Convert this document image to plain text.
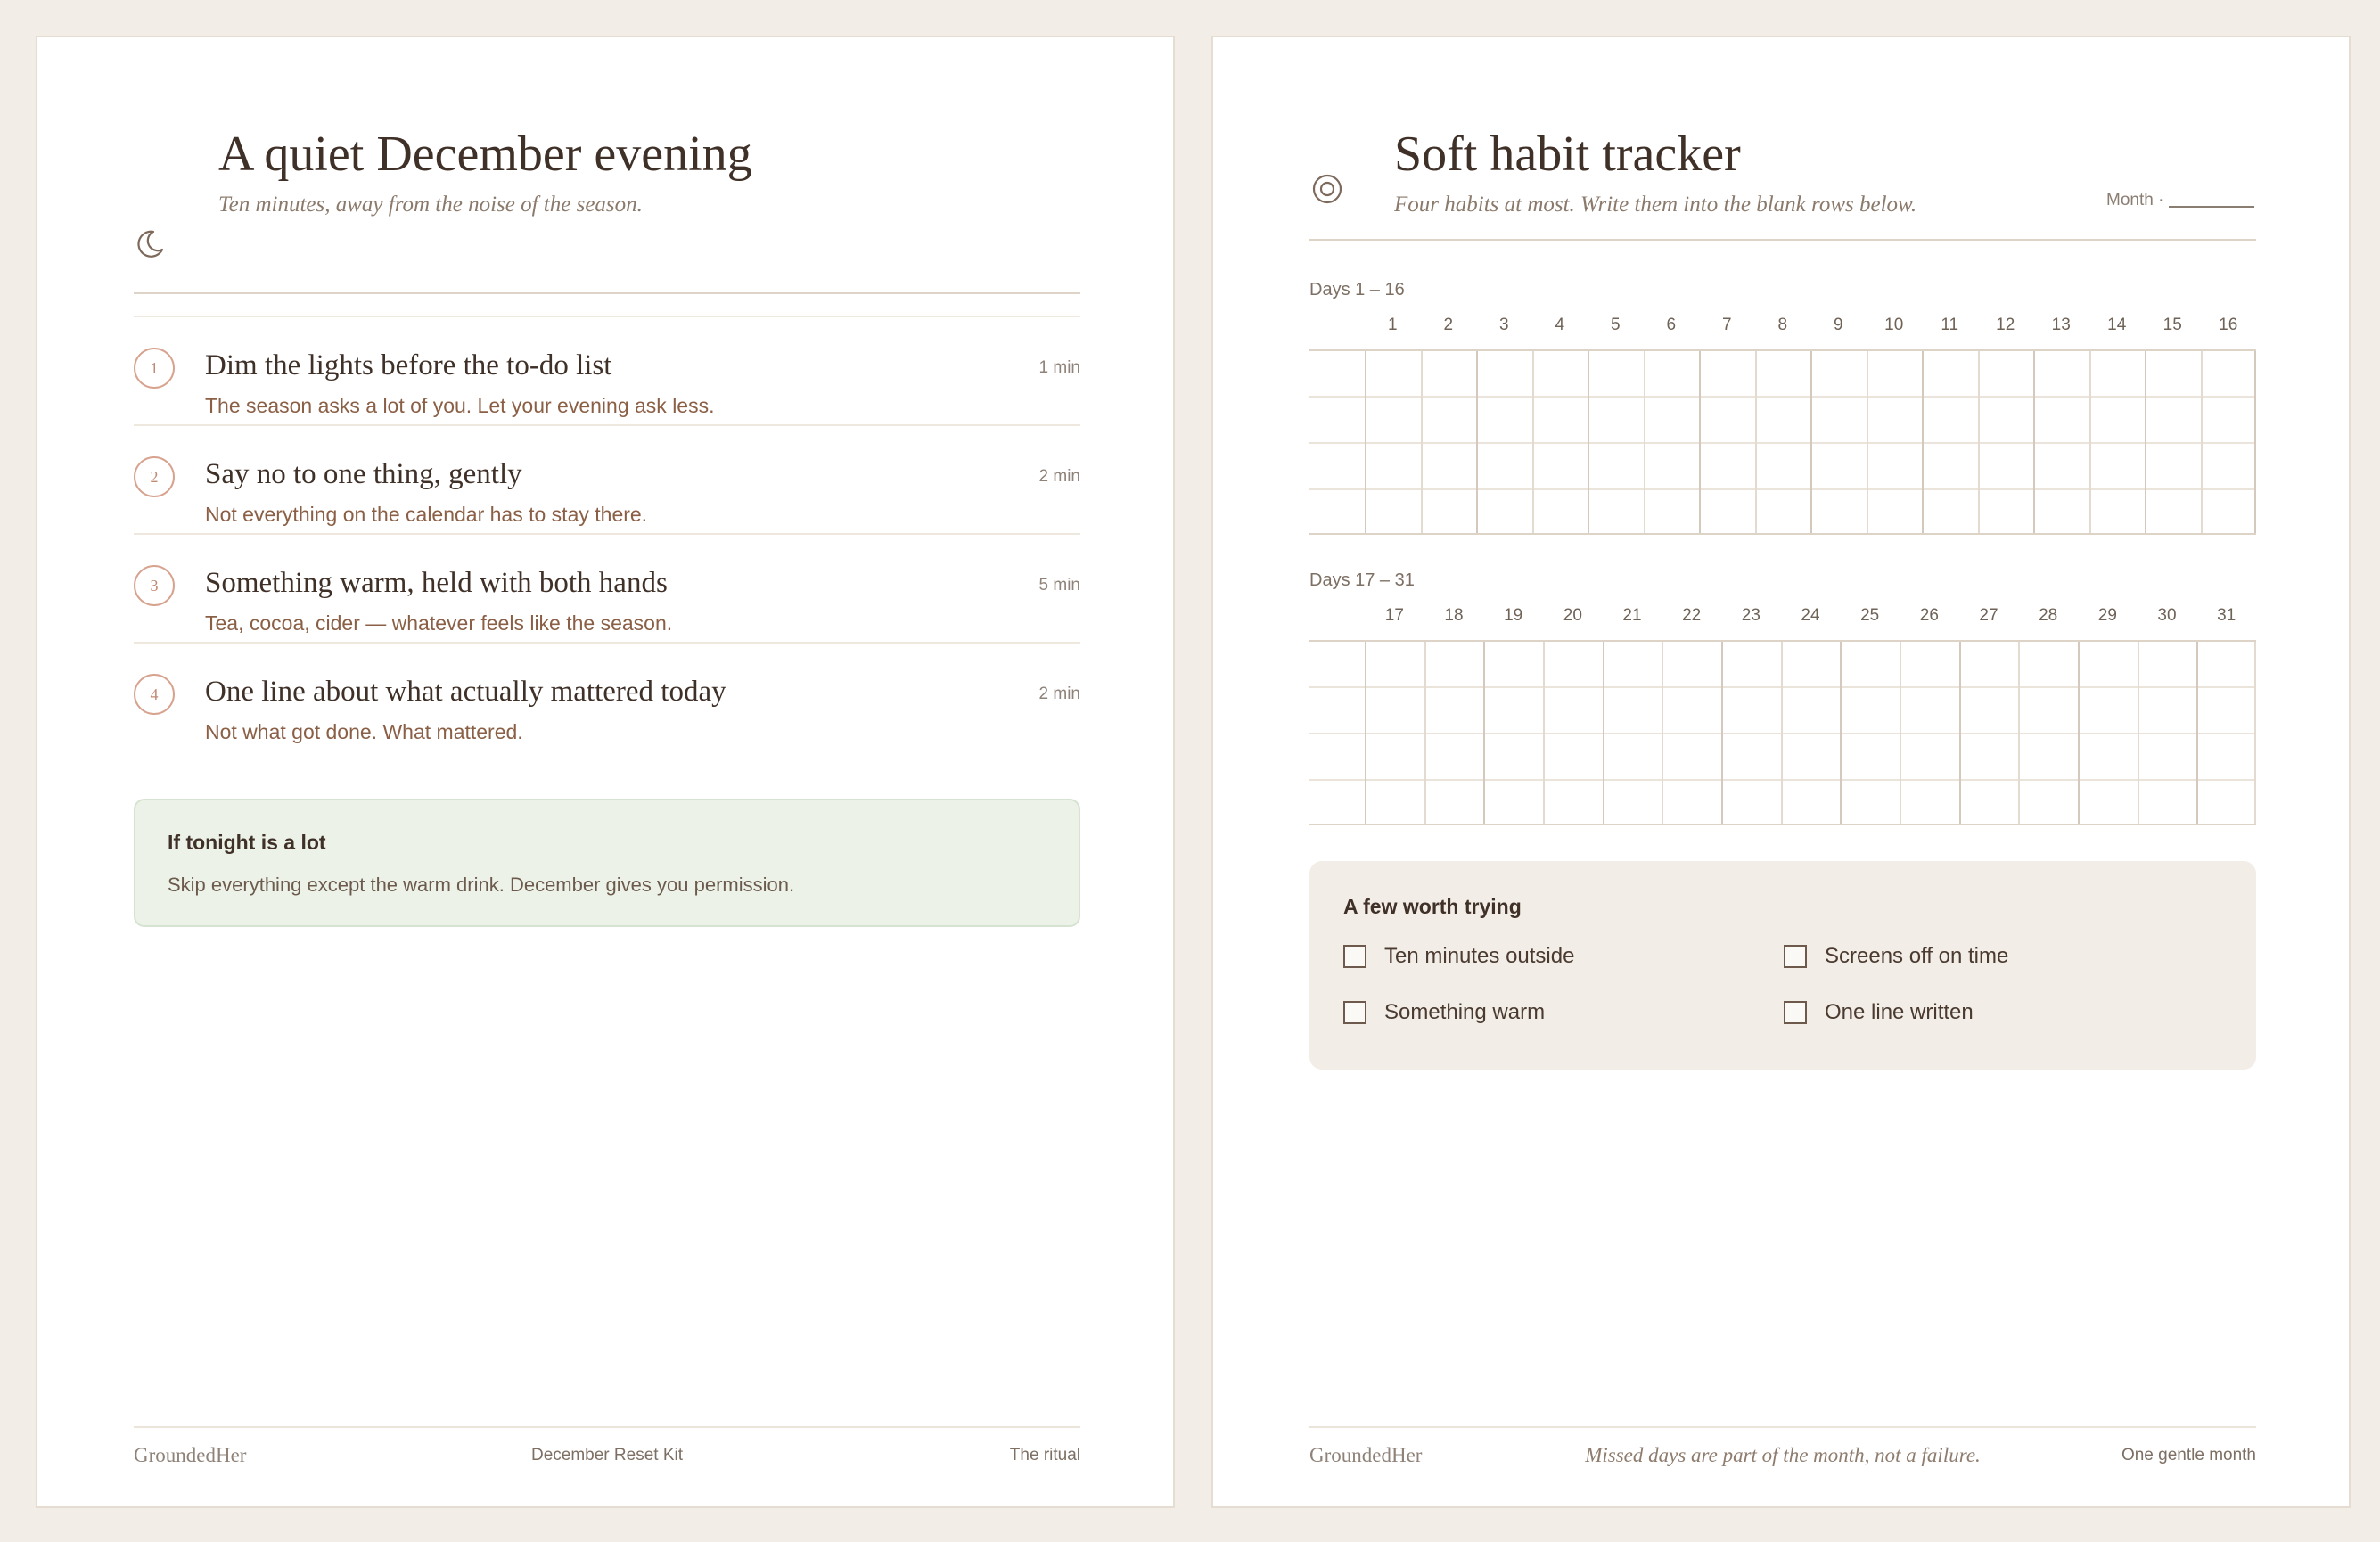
A quiet December evening
Ten minutes, away from the noise of the season.
1	Dim the lights before the to-do list
The season asks a lot of you. Let your evening ask less.
1 min
2	Say no to one thing, gently
Not everything on the calendar has to stay there.
2 min
3	Something warm, held with both hands
Tea, cocoa, cider — whatever feels like the season.
5 min
4	One line about what actually mattered today
Not what got done. What mattered.
2 min
If tonight is a lot
Skip everything except the warm drink. December gives you permission.
GroundedHer	December Reset Kit	The ritual
Soft habit tracker
Four habits at most. Write them into the blank rows below.	Month ·
Days 1 – 16
1	2	3	4	5	6	7	8	9	10	11	12	13	14	15	16
Days 17 – 31
17	18	19	20	21	22	23	24	25	26	27	28	29	30	31
A few worth trying
Ten minutes outside	Screens off on time
Something warm	One line written
GroundedHer	Missed days are part of the month, not a failure.	One gentle month
